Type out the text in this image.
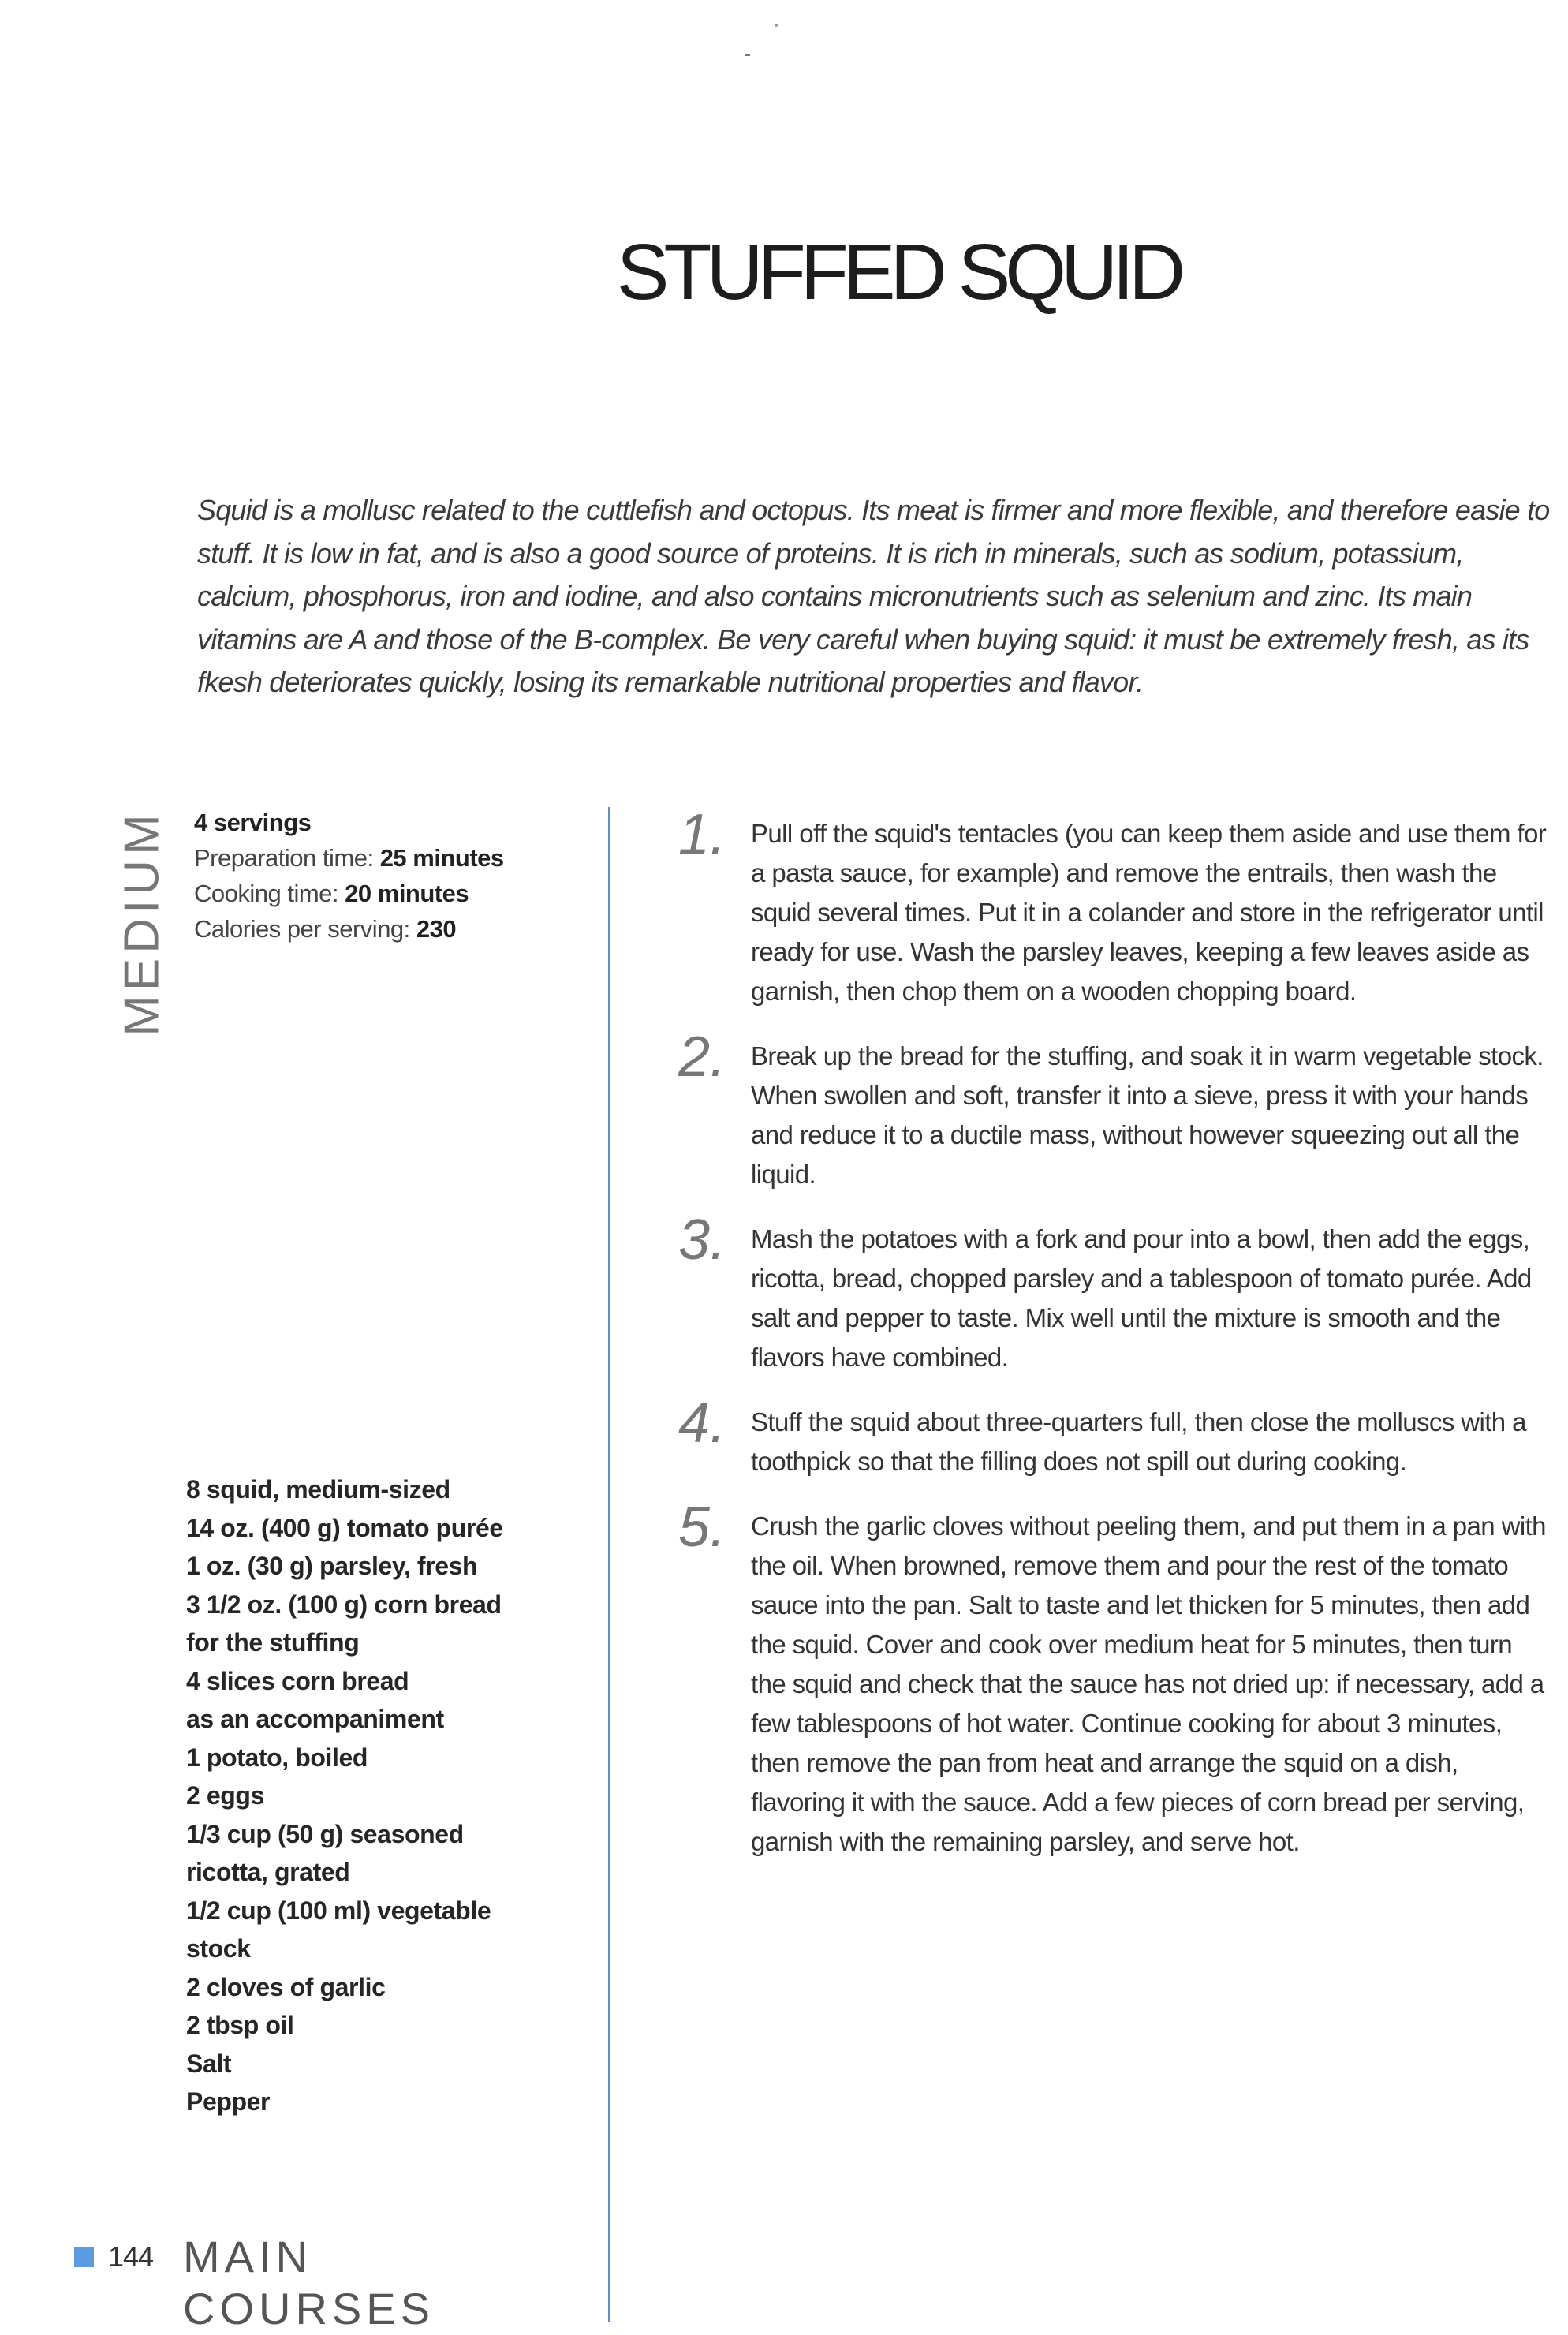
STUFFED SQUID
Squid is a mollusc related to the cuttlefish and octopus. Its meat is firmer and more flexible, and therefore easie to stuff. It is low in fat, and is also a good source of proteins. It is rich in minerals, such as sodium, potassium, calcium, phosphorus, iron and iodine, and also contains micronutrients such as selenium and zinc. Its main vitamins are A and those of the B-complex. Be very careful when buying squid: it must be extremely fresh, as its fkesh deteriorates quickly, losing its remarkable nutritional properties and flavor.
MEDIUM 4 servings
Preparation time: 25 minutes
Cooking time: 20 minutes
Calories per serving: 230
8 squid, medium-sized
14 oz. (400 g) tomato purée
1 oz. (30 g) parsley, fresh
3 1/2 oz. (100 g) corn bread
for the stuffing
4 slices corn bread
as an accompaniment
1 potato, boiled
2 eggs
1/3 cup (50 g) seasoned
ricotta, grated
1/2 cup (100 ml) vegetable
stock
2 cloves of garlic
2 tbsp oil
Salt
Pepper
1. Pull off the squid's tentacles (you can keep them aside and use them for a pasta sauce, for example) and remove the entrails, then wash the squid several times. Put it in a colander and store in the refrigerator until ready for use. Wash the parsley leaves, keeping a few leaves aside as garnish, then chop them on a wooden chopping board.
2. Break up the bread for the stuffing, and soak it in warm vegetable stock. When swollen and soft, transfer it into a sieve, press it with your hands and reduce it to a ductile mass, without however squeezing out all the liquid.
3. Mash the potatoes with a fork and pour into a bowl, then add the eggs, ricotta, bread, chopped parsley and a tablespoon of tomato purée. Add salt and pepper to taste. Mix well until the mixture is smooth and the flavors have combined.
4. Stuff the squid about three-quarters full, then close the molluscs with a toothpick so that the filling does not spill out during cooking.
5. Crush the garlic cloves without peeling them, and put them in a pan with the oil. When browned, remove them and pour the rest of the tomato sauce into the pan. Salt to taste and let thicken for 5 minutes, then add the squid. Cover and cook over medium heat for 5 minutes, then turn the squid and check that the sauce has not dried up: if necessary, add a few tablespoons of hot water. Continue cooking for about 3 minutes, then remove the pan from heat and arrange the squid on a dish, flavoring it with the sauce. Add a few pieces of corn bread per serving, garnish with the remaining parsley, and serve hot.
144 MAIN
COURSES
